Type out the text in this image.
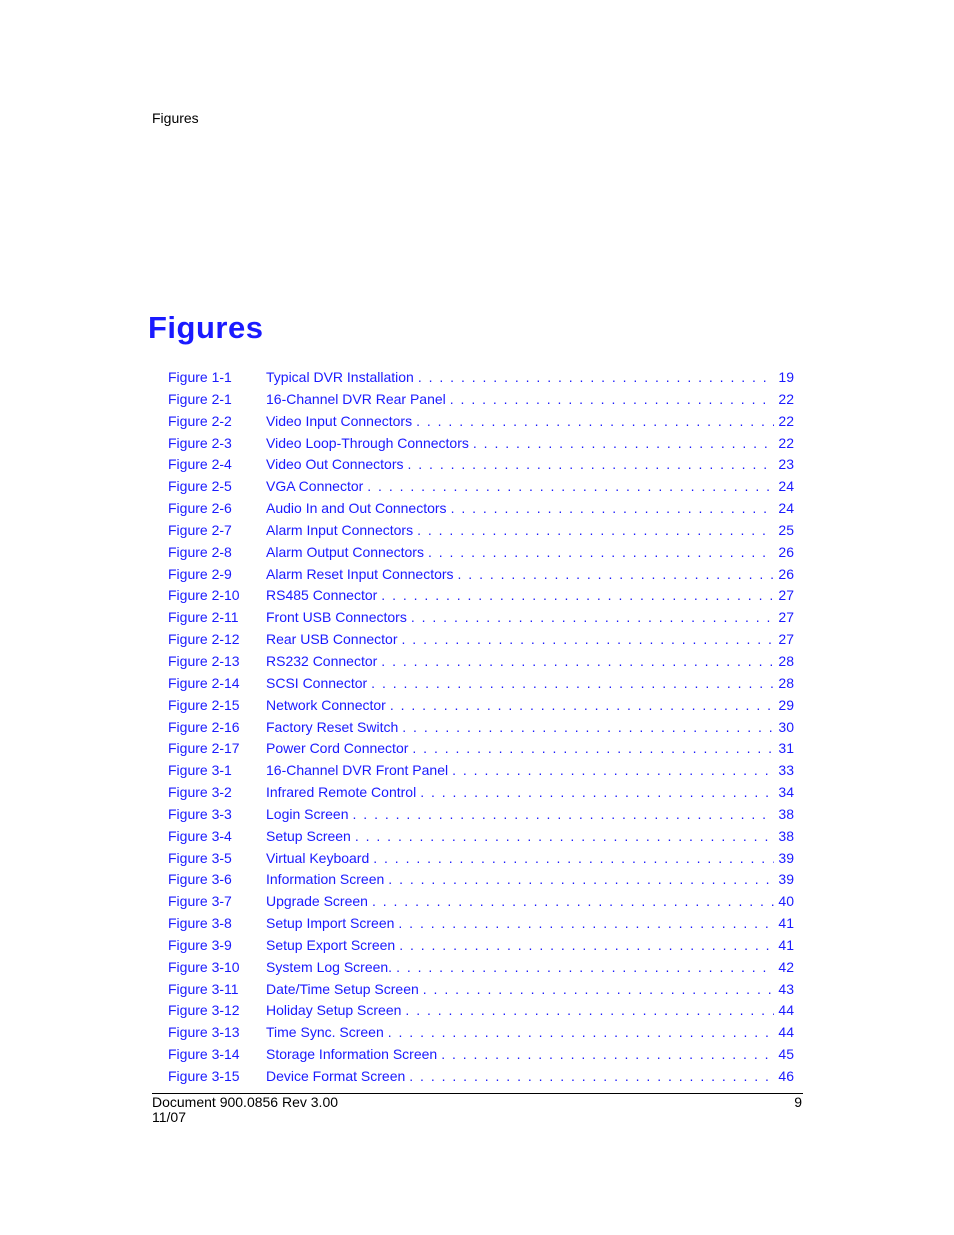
Figures
Figures
Figure 1-1	Typical DVR Installation . . .	19
Figure 2-1	16-Channel DVR Rear Panel . . .	22
Figure 2-2	Video Input Connectors . . .	22
Figure 2-3	Video Loop-Through Connectors . . .	22
Figure 2-4	Video Out Connectors . . .	23
Figure 2-5	VGA Connector . . .	24
Figure 2-6	Audio In and Out Connectors . . .	24
Figure 2-7	Alarm Input Connectors . . .	25
Figure 2-8	Alarm Output Connectors . . .	26
Figure 2-9	Alarm Reset Input Connectors . . .	26
Figure 2-10	RS485 Connector . . .	27
Figure 2-11	Front USB Connectors . . .	27
Figure 2-12	Rear USB Connector . . .	27
Figure 2-13	RS232 Connector . . .	28
Figure 2-14	SCSI Connector . . .	28
Figure 2-15	Network Connector . . .	29
Figure 2-16	Factory Reset Switch . . .	30
Figure 2-17	Power Cord Connector . . .	31
Figure 3-1	16-Channel DVR Front Panel . . .	33
Figure 3-2	Infrared Remote Control . . .	34
Figure 3-3	Login Screen . . .	38
Figure 3-4	Setup Screen . . .	38
Figure 3-5	Virtual Keyboard . . .	39
Figure 3-6	Information Screen . . .	39
Figure 3-7	Upgrade Screen . . .	40
Figure 3-8	Setup Import Screen . . .	41
Figure 3-9	Setup Export Screen . . .	41
Figure 3-10	System Log Screen. . . .	42
Figure 3-11	Date/Time Setup Screen . . .	43
Figure 3-12	Holiday Setup Screen . . .	44
Figure 3-13	Time Sync. Screen . . .	44
Figure 3-14	Storage Information Screen . . .	45
Figure 3-15	Device Format Screen . . .	46
Document 900.0856 Rev 3.00
11/07
9
